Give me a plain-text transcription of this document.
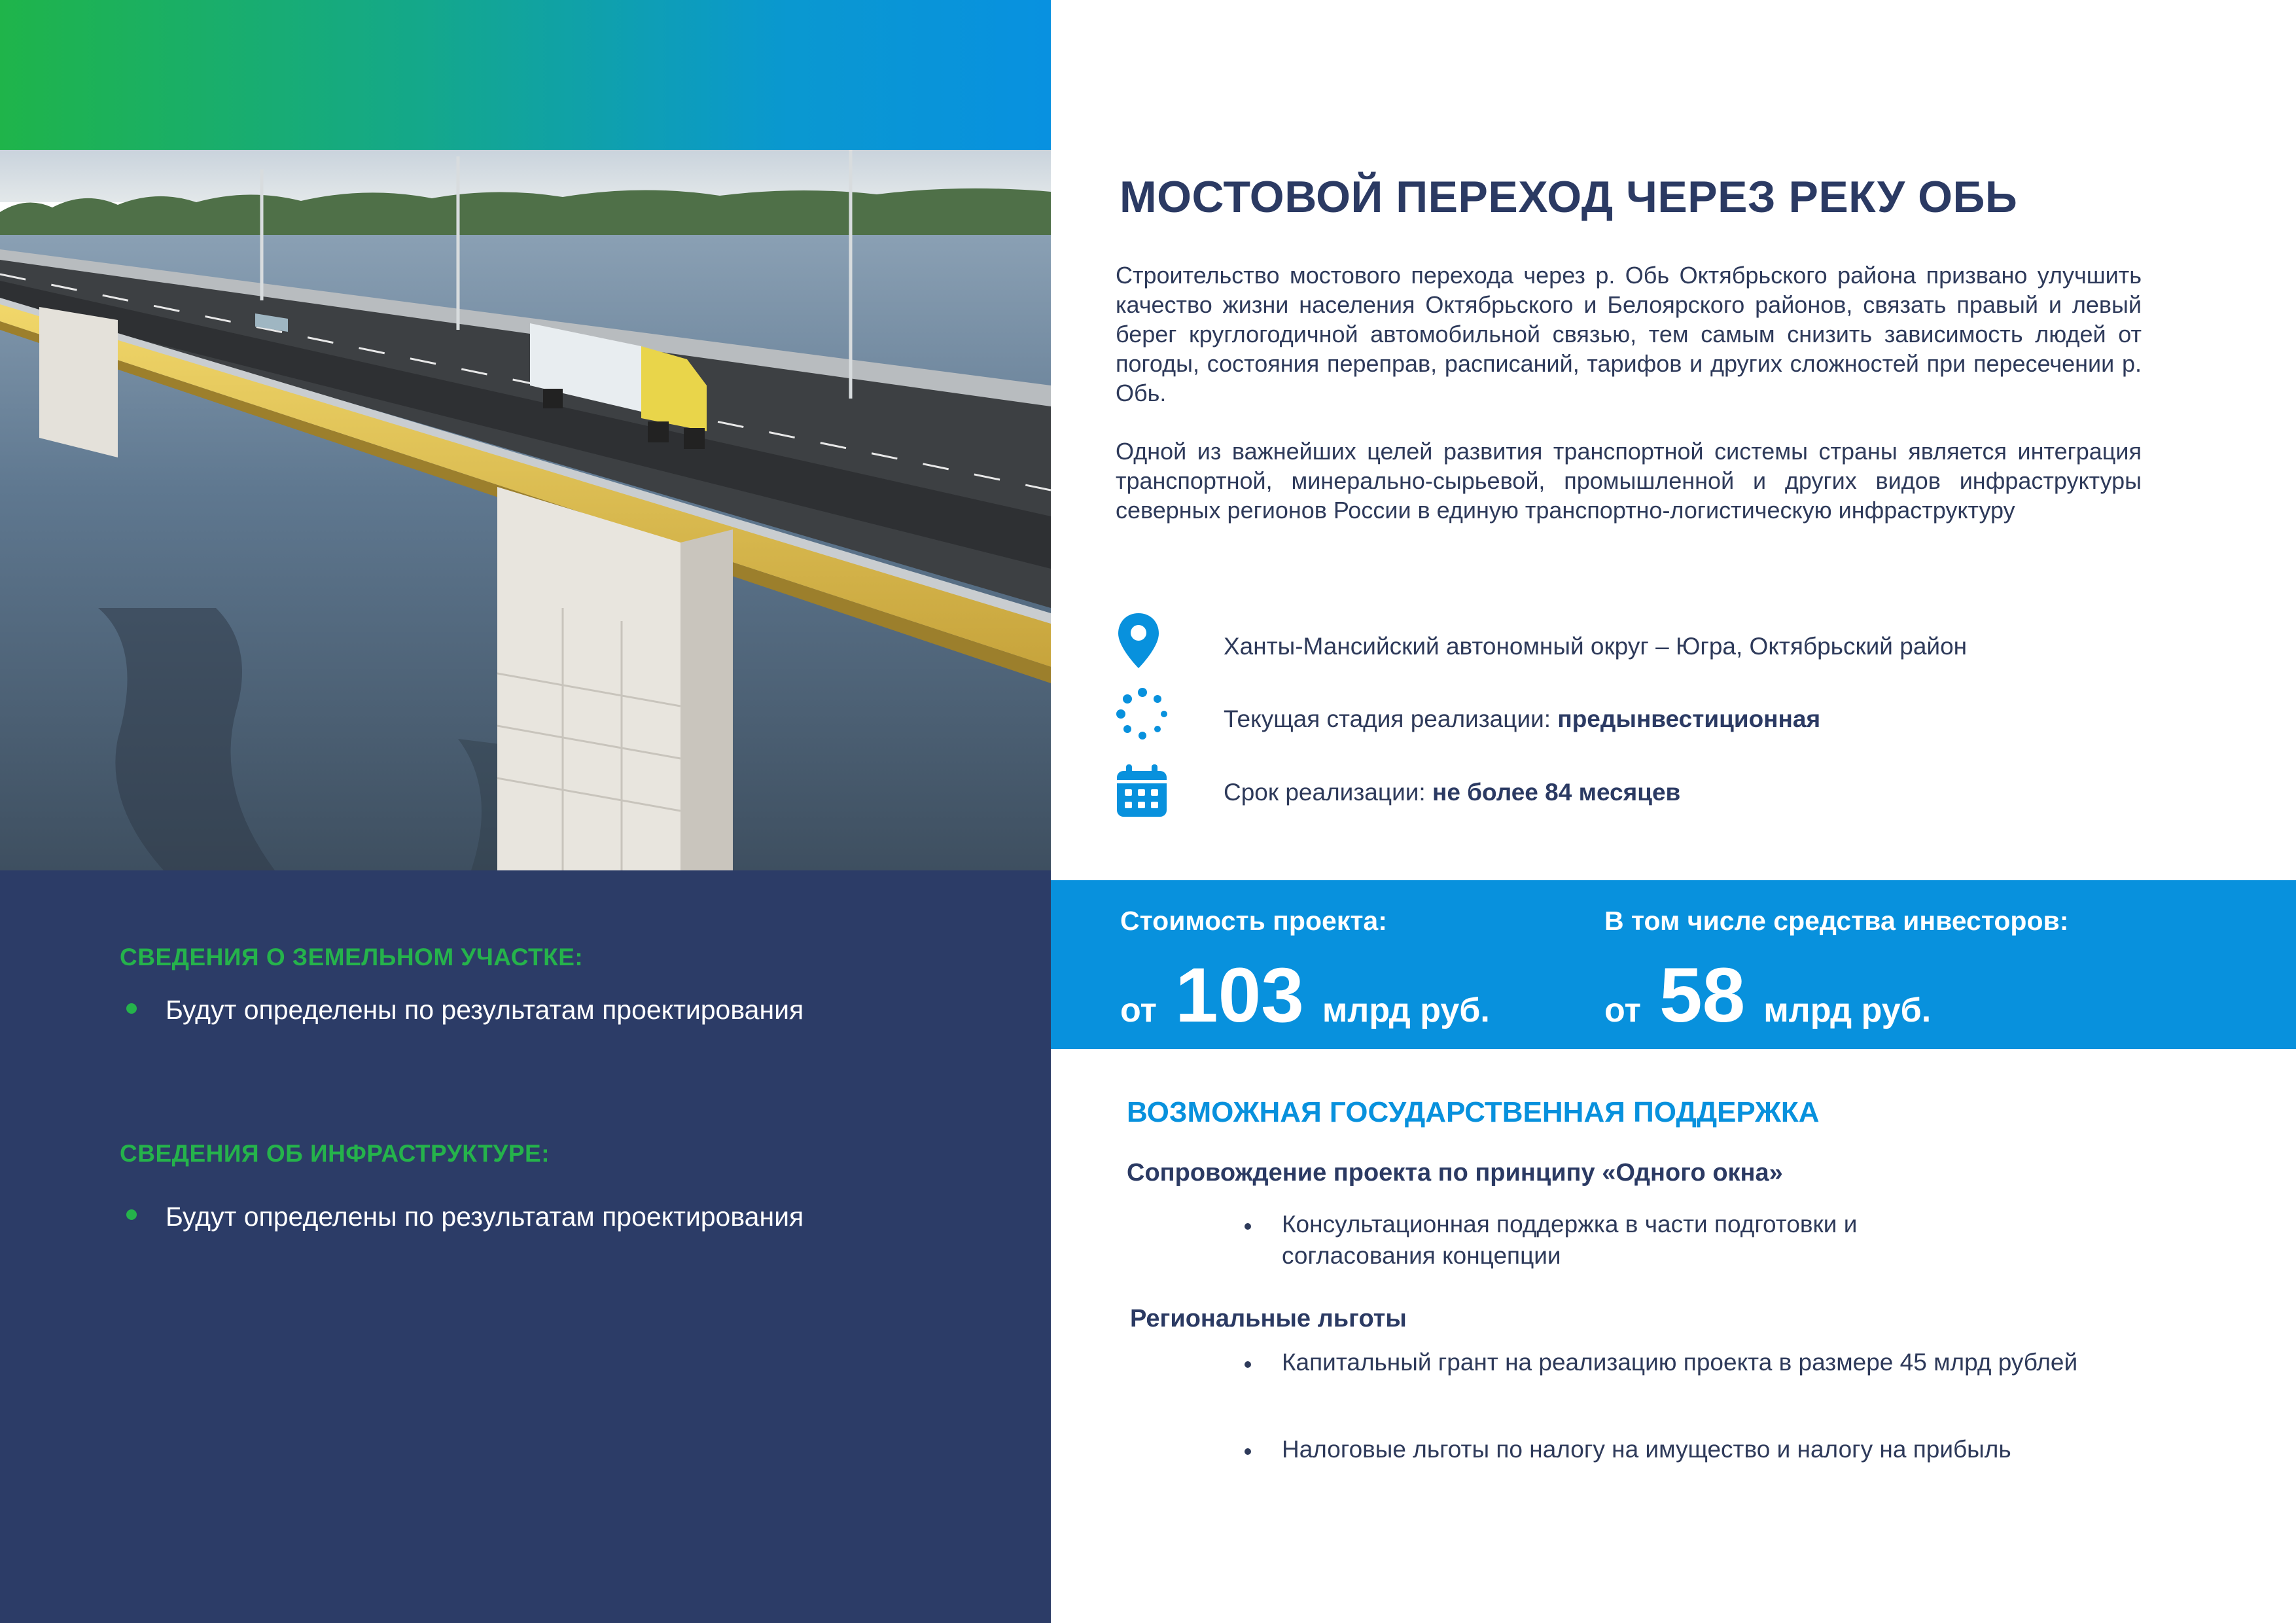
СВЕДЕНИЯ О ЗЕМЕЛЬНОМ УЧАСТКЕ:
Будут определены по результатам проектирования
СВЕДЕНИЯ ОБ ИНФРАСТРУКТУРЕ:
Будут определены по результатам проектирования
МОСТОВОЙ ПЕРЕХОД ЧЕРЕЗ РЕКУ ОБЬ
Строительство мостового перехода через р. Обь Октябрьского района призвано улучшить качество жизни населения Октябрьского и Белоярского районов, связать правый и левый берег круглогодичной автомобильной связью, тем самым снизить зависимость людей от погоды, состояния переправ, расписаний, тарифов и других сложностей при пересечении р. Обь.
Одной из важнейших целей развития транспортной системы страны является интеграция транспортной, минерально-сырьевой, промышленной и других видов инфраструктуры северных регионов России в единую транспортно-логистическую инфраструктуру
Ханты-Мансийский автономный округ – Югра, Октябрьский район
Текущая стадия реализации: предынвестиционная
Срок реализации: не более 84 месяцев
Стоимость проекта:
от 103 млрд руб.
В том числе средства инвесторов:
от 58 млрд руб.
ВОЗМОЖНАЯ ГОСУДАРСТВЕННАЯ ПОДДЕРЖКА
Сопровождение проекта по принципу «Одного окна»
Консультационная поддержка в части подготовки и согласования концепции
Региональные льготы
Капитальный грант на реализацию проекта в размере 45 млрд рублей
Налоговые льготы по налогу на имущество и налогу на прибыль
